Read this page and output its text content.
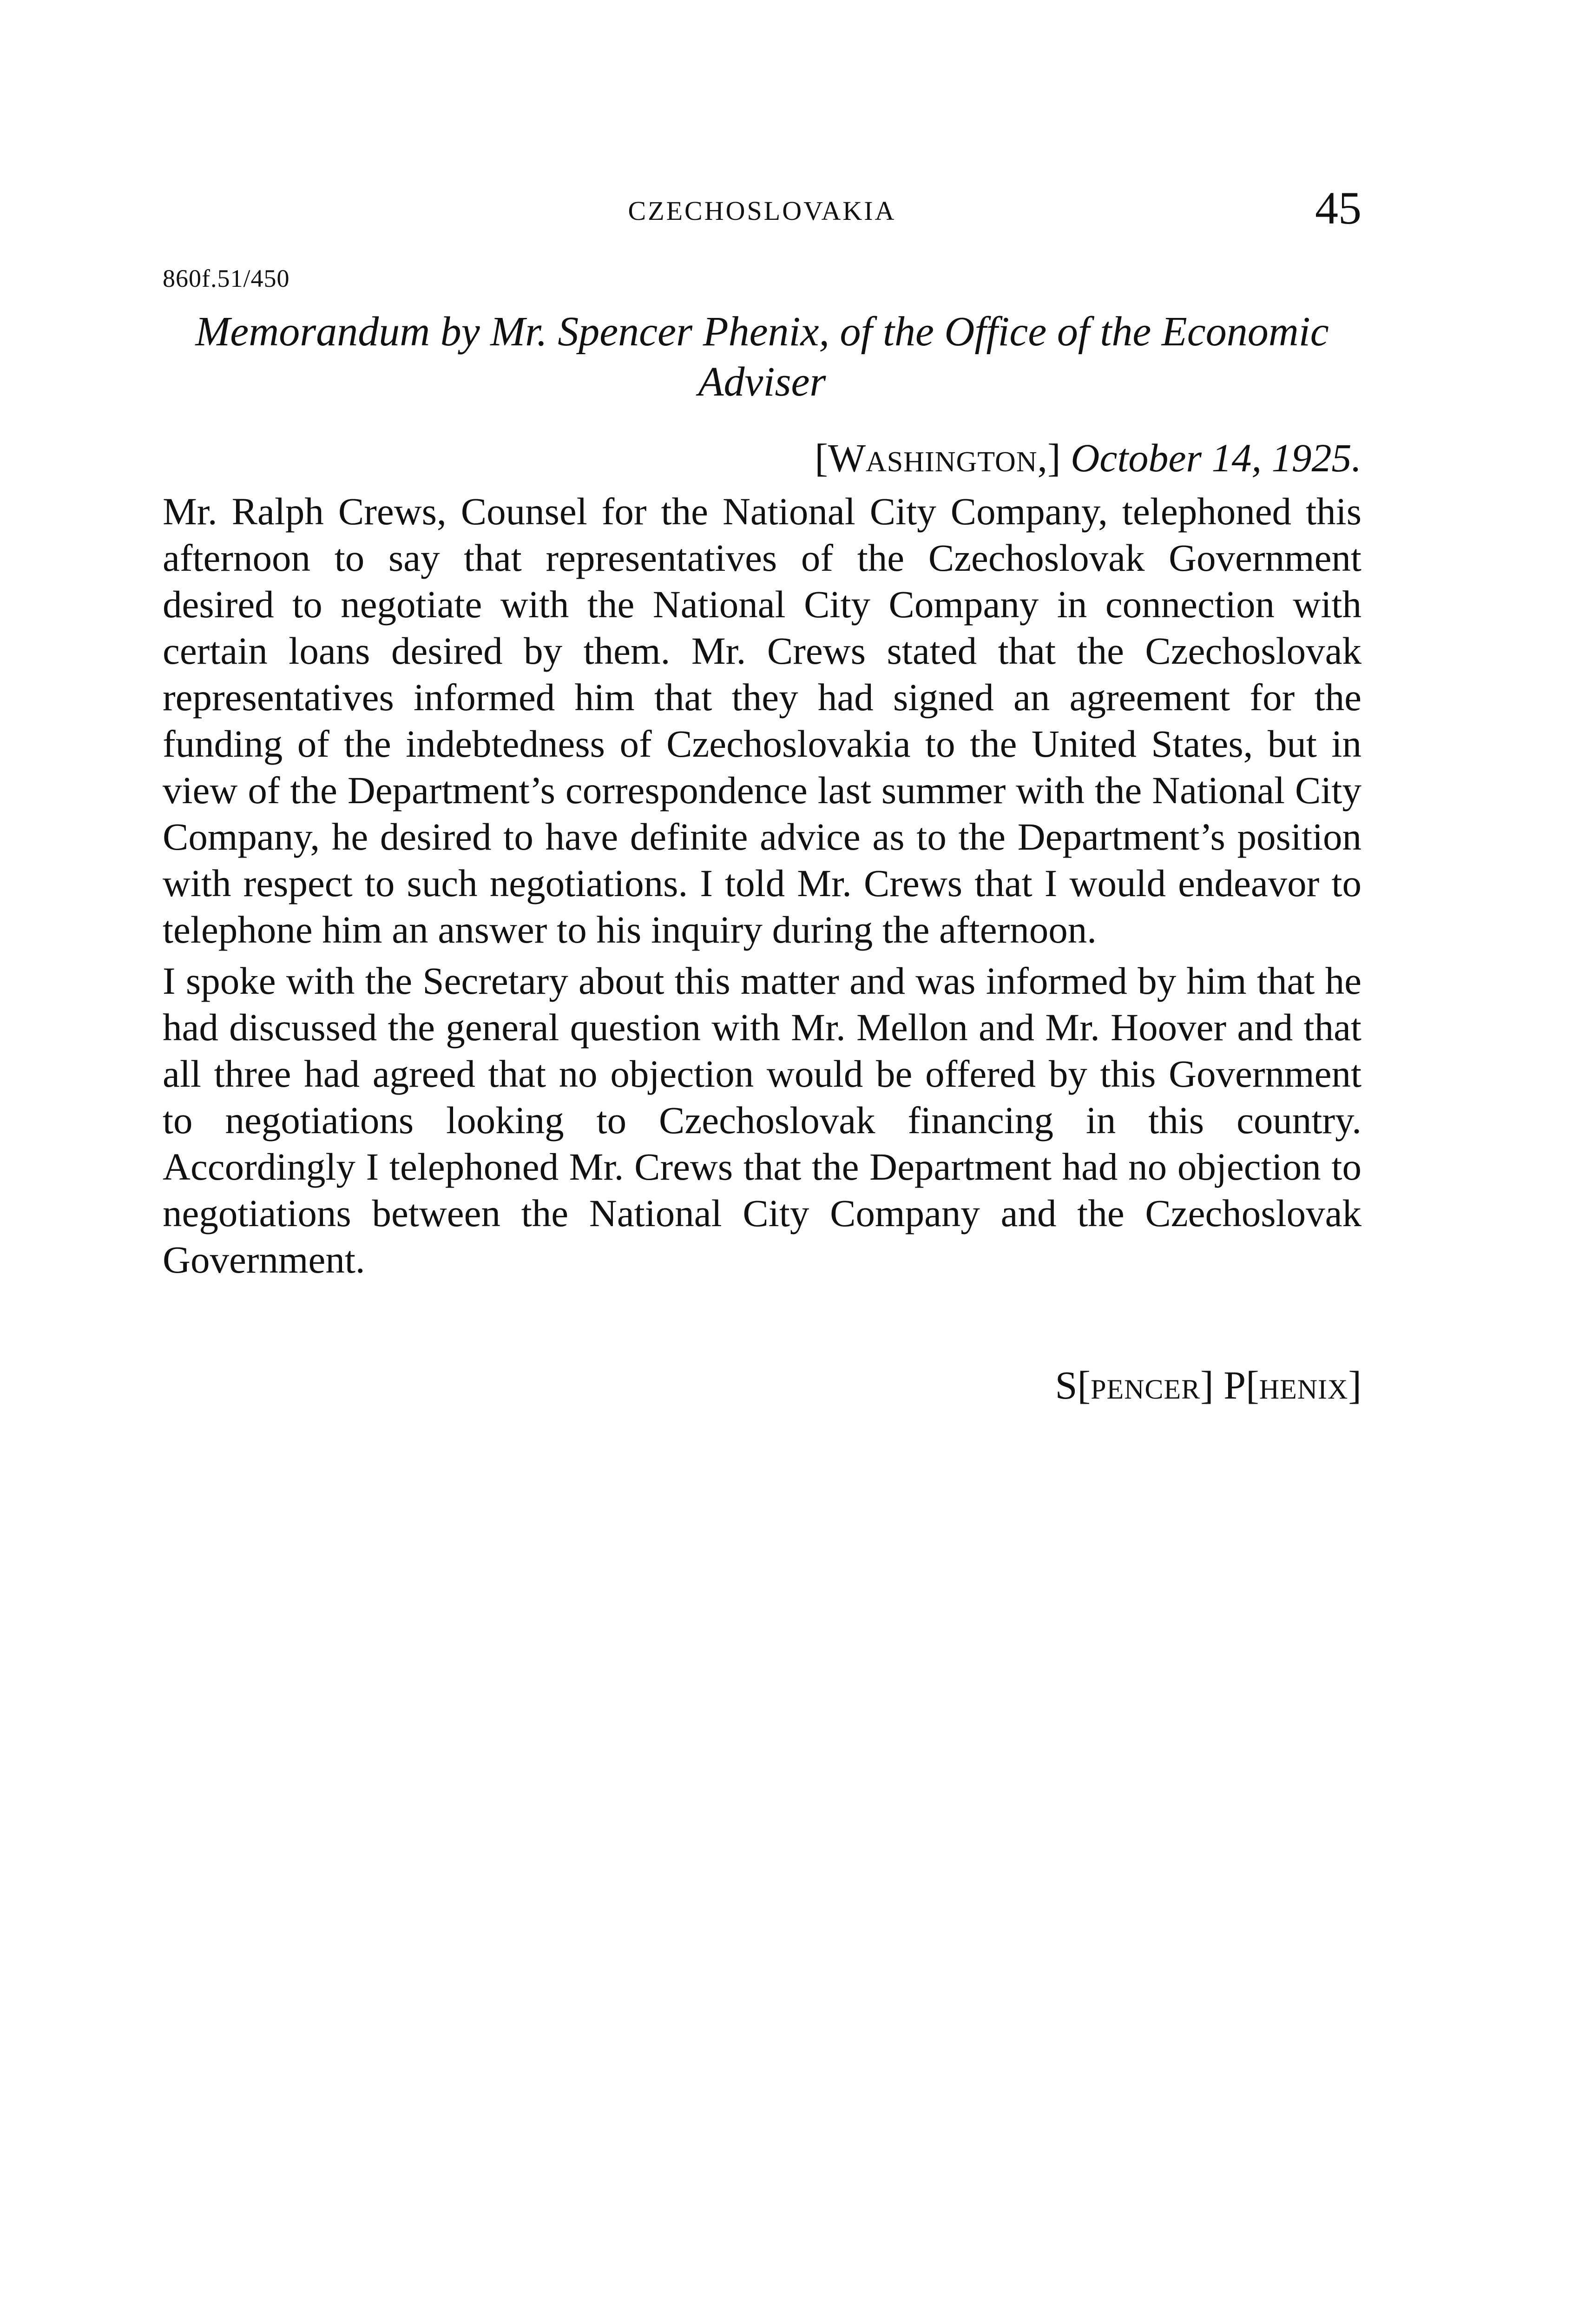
CZECHOSLOVAKIA	45
860f.51/450
Memorandum by Mr. Spencer Phenix, of the Office of the Economic
Adviser
[WASHINGTON,] October 14, 1925.

Mr. Ralph Crews, Counsel for the National City Company, telephoned this afternoon to say that representatives of the Czechoslovak Government desired to negotiate with the National City Company in connection with certain loans desired by them. Mr. Crews stated that the Czechoslovak representatives informed him that they had signed an agreement for the funding of the indebtedness of Czechoslovakia to the United States, but in view of the Department’s correspondence last summer with the National City Company, he desired to have definite advice as to the Department’s position with respect to such negotiations. I told Mr. Crews that I would endeavor to telephone him an answer to his inquiry during the afternoon.

I spoke with the Secretary about this matter and was informed by him that he had discussed the general question with Mr. Mellon and Mr. Hoover and that all three had agreed that no objection would be offered by this Government to negotiations looking to Czechoslovak financing in this country. Accordingly I telephoned Mr. Crews that the Department had no objection to negotiations between the National City Company and the Czechoslovak Government.

S[PENCER] P[HENIX]
